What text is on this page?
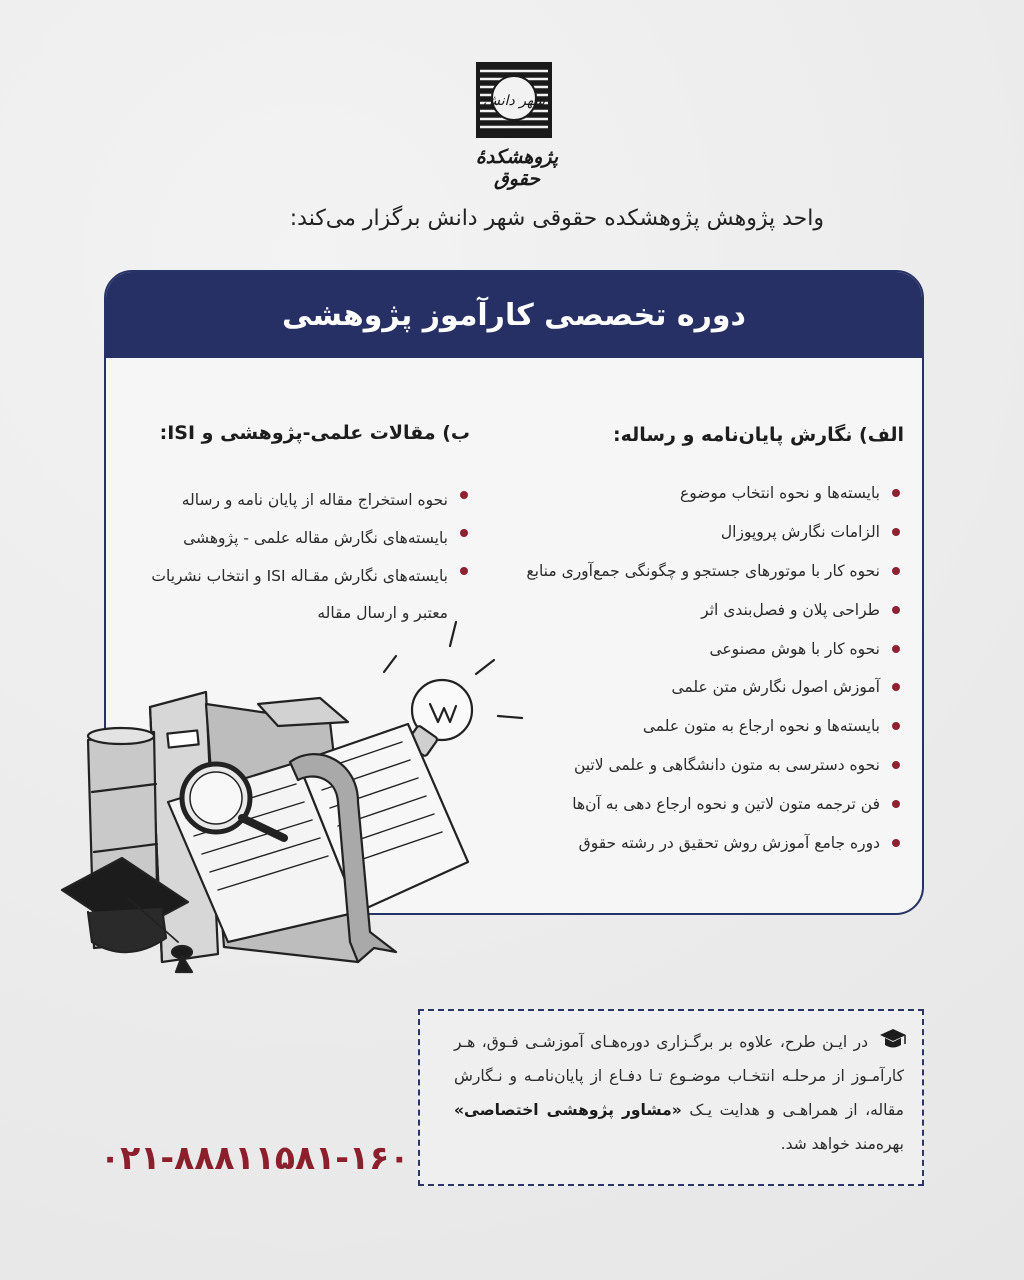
شهر دانش
پژوهشکدهٔ حقوق
واحد پژوهش پژوهشکده حقوقی شهر دانش برگزار می‌کند:
دوره تخصصی کارآموز پژوهشی
الف) نگارش پایان‌نامه و رساله:
بایسته‌ها و نحوه انتخاب موضوع
الزامات نگارش پروپوزال
نحوه کار با موتورهای جستجو و چگونگی جمع‌آوری منابع
طراحی پلان و فصل‌بندی اثر
نحوه کار با هوش مصنوعی
آموزش اصول نگارش متن علمی
بایسته‌ها و نحوه ارجاع به متون علمی
نحوه دسترسی به متون دانشگاهی و علمی لاتین
فن ترجمه متون لاتین و نحوه ارجاع دهی به آن‌ها
دوره جامع آموزش روش تحقیق در رشته حقوق
ب) مقالات علمی-پژوهشی و ISI:
نحوه استخراج مقاله از پایان نامه و رساله
بایسته‌های نگارش مقاله علمی - پژوهشی
بایسته‌های نگارش مقـاله ISI و انتخاب نشریات معتبر و ارسال مقاله
در ایـن طرح، علاوه بر برگـزاری دوره‌هـای آموزشـی فـوق، هـر کارآمـوز از مرحلـه انتخـاب موضـوع تـا دفـاع از پایان‌نامـه و نـگارش مقاله، از همراهـی و هدایت یـک «مشاور پژوهشی اختصاصی» بهره‌مند خواهد شد.
۰۲۱-۸۸۸۱۱۵۸۱-۱۶۰
